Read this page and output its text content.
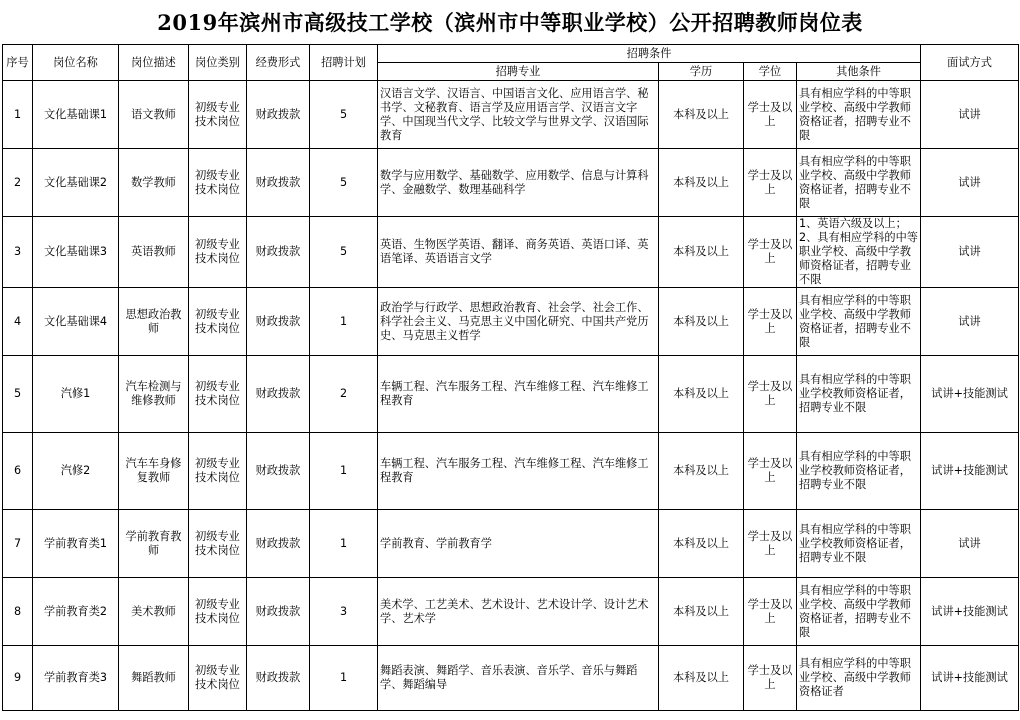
2019年滨州市高级技工学校（滨州市中等职业学校）公开招聘教师岗位表
序号	岗位名称	岗位描述	岗位类别	经费形式	招聘计划	招聘条件				面试方式
						招聘专业	学历	学位	其他条件	
1	文化基础课1	语文教师	初级专业技术岗位	财政拨款	5	汉语言文学、汉语言、中国语言文化、应用语言学、秘书学、文秘教育、语言学及应用语言学、汉语言文字学、中国现当代文学、比较文学与世界文学、汉语国际教育	本科及以上	学士及以上	具有相应学科的中等职业学校、高级中学教师资格证者，招聘专业不限	试讲
2	文化基础课2	数学教师	初级专业技术岗位	财政拨款	5	数学与应用数学、基础数学、应用数学、信息与计算科学、金融数学、数理基础科学	本科及以上	学士及以上	具有相应学科的中等职业学校、高级中学教师资格证者，招聘专业不限	试讲
3	文化基础课3	英语教师	初级专业技术岗位	财政拨款	5	英语、生物医学英语、翻译、商务英语、英语口译、英语笔译、英语语言文学	本科及以上	学士及以上	1、英语六级及以上；2、具有相应学科的中等职业学校、高级中学教师资格证者，招聘专业不限	试讲
4	文化基础课4	思想政治教师	初级专业技术岗位	财政拨款	1	政治学与行政学、思想政治教育、社会学、社会工作、科学社会主义、马克思主义中国化研究、中国共产党历史、马克思主义哲学	本科及以上	学士及以上	具有相应学科的中等职业学校、高级中学教师资格证者，招聘专业不限	试讲
5	汽修1	汽车检测与维修教师	初级专业技术岗位	财政拨款	2	车辆工程、汽车服务工程、汽车维修工程、汽车维修工程教育	本科及以上	学士及以上	具有相应学科的中等职业学校教师资格证者，招聘专业不限	试讲+技能测试
6	汽修2	汽车车身修复教师	初级专业技术岗位	财政拨款	1	车辆工程、汽车服务工程、汽车维修工程、汽车维修工程教育	本科及以上	学士及以上	具有相应学科的中等职业学校教师资格证者，招聘专业不限	试讲+技能测试
7	学前教育类1	学前教育教师	初级专业技术岗位	财政拨款	1	学前教育、学前教育学	本科及以上	学士及以上	具有相应学科的中等职业学校教师资格证者，招聘专业不限	试讲
8	学前教育类2	美术教师	初级专业技术岗位	财政拨款	3	美术学、工艺美术、艺术设计、艺术设计学、设计艺术学、艺术学	本科及以上	学士及以上	具有相应学科的中等职业学校、高级中学教师资格证者，招聘专业不限	试讲+技能测试
9	学前教育类3	舞蹈教师	初级专业技术岗位	财政拨款	1	舞蹈表演、舞蹈学、音乐表演、音乐学、音乐与舞蹈学、舞蹈编导	本科及以上	学士及以上	具有相应学科的中等职业学校、高级中学教师资格证者	试讲+技能测试
